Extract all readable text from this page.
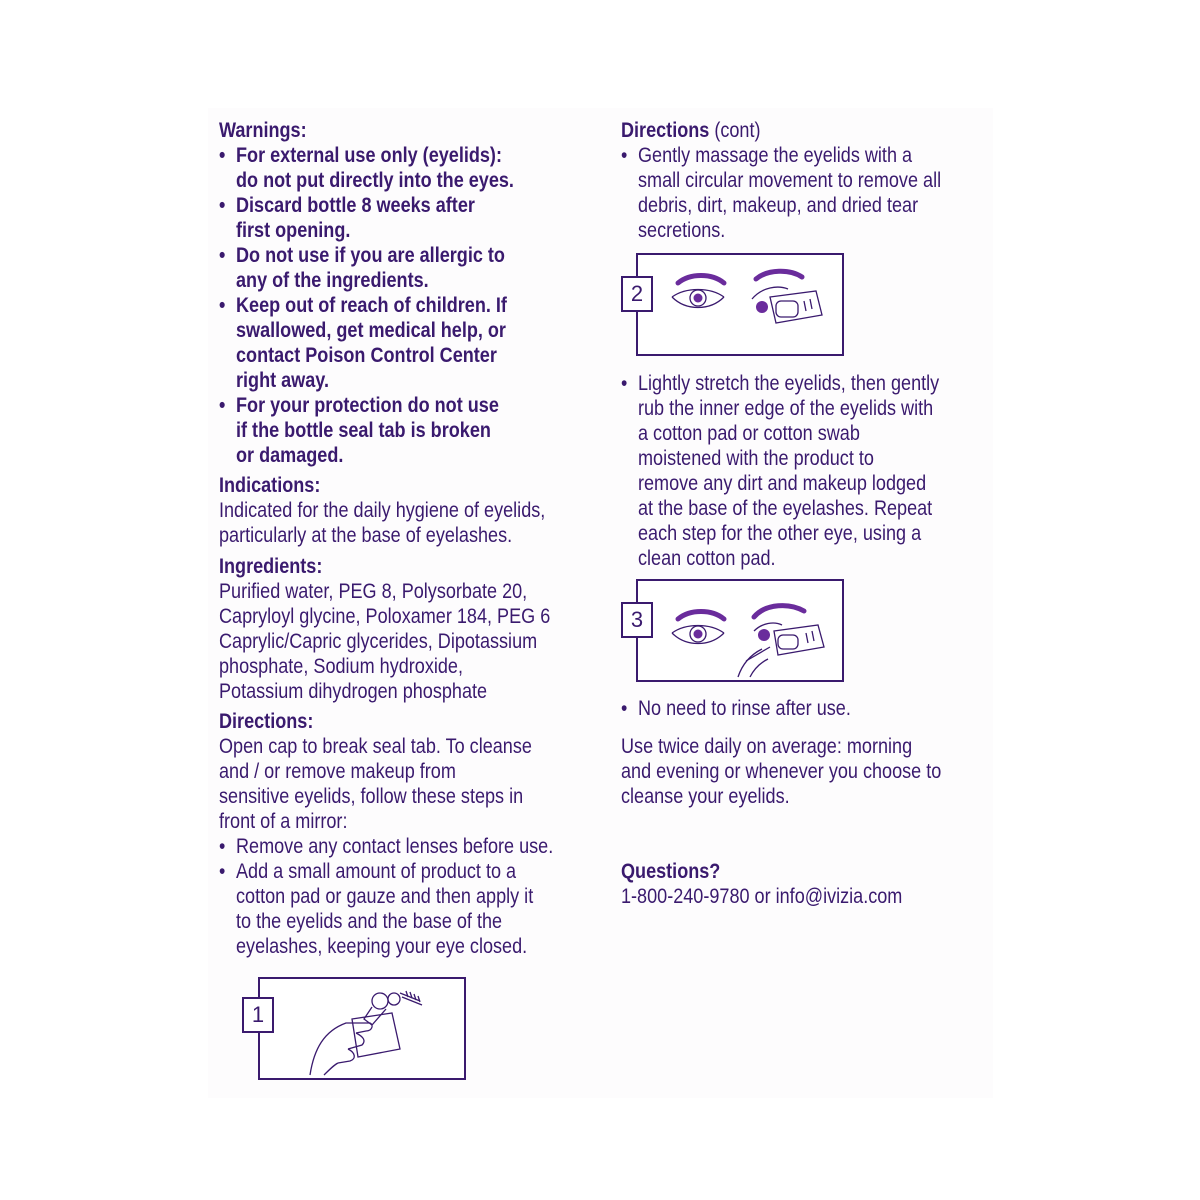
Warnings:
• For external use only (eyelids):
do not put directly into the eyes.
• Discard bottle 8 weeks after
first opening.
• Do not use if you are allergic to
any of the ingredients.
• Keep out of reach of children. If
swallowed, get medical help, or
contact Poison Control Center
right away.
• For your protection do not use
if the bottle seal tab is broken
or damaged.
Indications:
Indicated for the daily hygiene of eyelids,
particularly at the base of eyelashes.
Ingredients:
Purified water, PEG 8, Polysorbate 20,
Capryloyl glycine, Poloxamer 184, PEG 6
Caprylic/Capric glycerides, Dipotassium
phosphate, Sodium hydroxide,
Potassium dihydrogen phosphate
Directions:
Open cap to break seal tab. To cleanse
and / or remove makeup from
sensitive eyelids, follow these steps in
front of a mirror:
• Remove any contact lenses before use.
• Add a small amount of product to a
cotton pad or gauze and then apply it
to the eyelids and the base of the
eyelashes, keeping your eye closed.
1
Directions (cont)
• Gently massage the eyelids with a
small circular movement to remove all
debris, dirt, makeup, and dried tear
secretions.
2
• Lightly stretch the eyelids, then gently
rub the inner edge of the eyelids with
a cotton pad or cotton swab
moistened with the product to
remove any dirt and makeup lodged
at the base of the eyelashes. Repeat
each step for the other eye, using a
clean cotton pad.
3
• No need to rinse after use.
Use twice daily on average: morning
and evening or whenever you choose to
cleanse your eyelids.
Questions?
1-800-240-9780 or info@ivizia.com
